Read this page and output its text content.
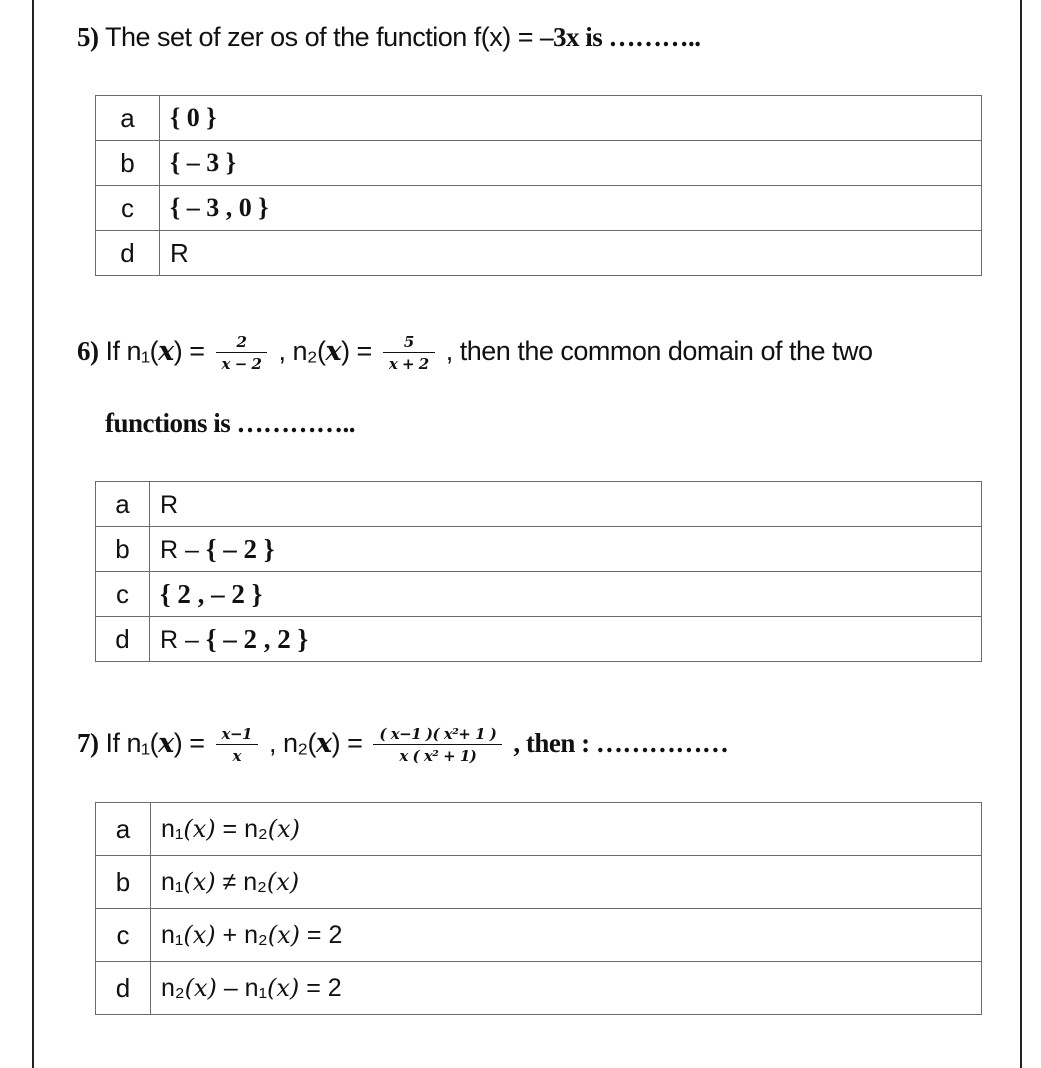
5) The set of zer os of the function f(x) = –3x is ………..
a	{ 0 }
b	{ – 3 }
c	{ – 3 , 0 }
d	R
6) If $n_1(x) = \frac{2}{x - 2}$ , $n_2(x) = \frac{5}{x + 2}$ , then the common domain of the two
functions is …………..
a	R
b	R – { – 2 }
c	{ 2 , – 2 }
d	R – { – 2 , 2 }
7) If $n_1(x) = \frac{x-1}{x}$ , $n_2(x) = \frac{\text{( x−1 )( x²+ 1 )}}{\text{x ( x² + 1)}}$ , then : ……………
a	n₁(x) = n₂(x)
b	n₁(x) ≠ n₂(x)
c	n₁(x) + n₂(x) = 2
d	n₂(x) – n₁(x) = 2
